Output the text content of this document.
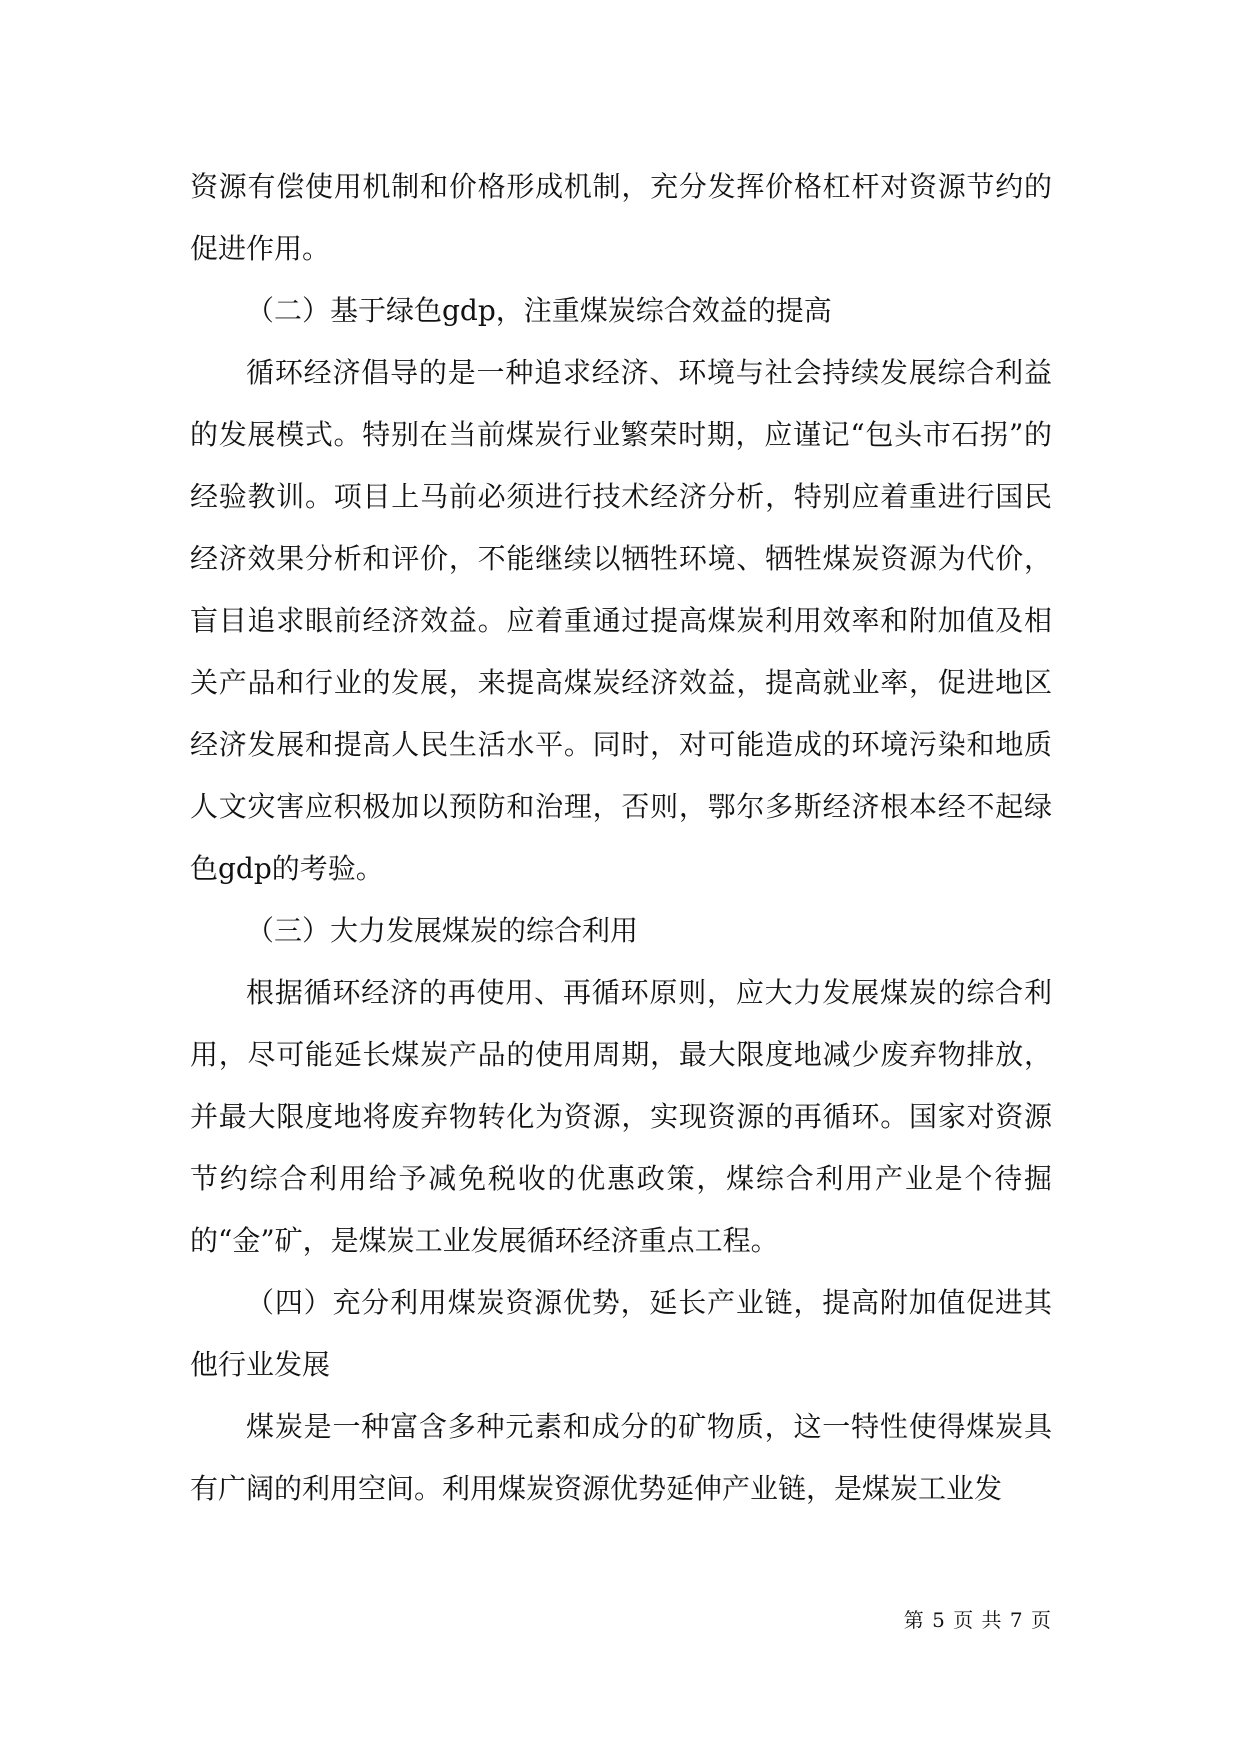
资源有偿使用机制和价格形成机制，充分发挥价格杠杆对资源节约的促进作用。

（二）基于绿色gdp，注重煤炭综合效益的提高

循环经济倡导的是一种追求经济、环境与社会持续发展综合利益的发展模式。特别在当前煤炭行业繁荣时期，应谨记“包头市石拐”的经验教训。项目上马前必须进行技术经济分析，特别应着重进行国民经济效果分析和评价，不能继续以牺牲环境、牺牲煤炭资源为代价，盲目追求眼前经济效益。应着重通过提高煤炭利用效率和附加值及相关产品和行业的发展，来提高煤炭经济效益，提高就业率，促进地区经济发展和提高人民生活水平。同时，对可能造成的环境污染和地质人文灾害应积极加以预防和治理，否则，鄂尔多斯经济根本经不起绿色gdp的考验。

（三）大力发展煤炭的综合利用

根据循环经济的再使用、再循环原则，应大力发展煤炭的综合利用，尽可能延长煤炭产品的使用周期，最大限度地减少废弃物排放，并最大限度地将废弃物转化为资源，实现资源的再循环。国家对资源节约综合利用给予减免税收的优惠政策，煤综合利用产业是个待掘的“金”矿，是煤炭工业发展循环经济重点工程。

（四）充分利用煤炭资源优势，延长产业链，提高附加值促进其他行业发展

煤炭是一种富含多种元素和成分的矿物质，这一特性使得煤炭具有广阔的利用空间。利用煤炭资源优势延伸产业链，是煤炭工业发

第 5 页 共 7 页
